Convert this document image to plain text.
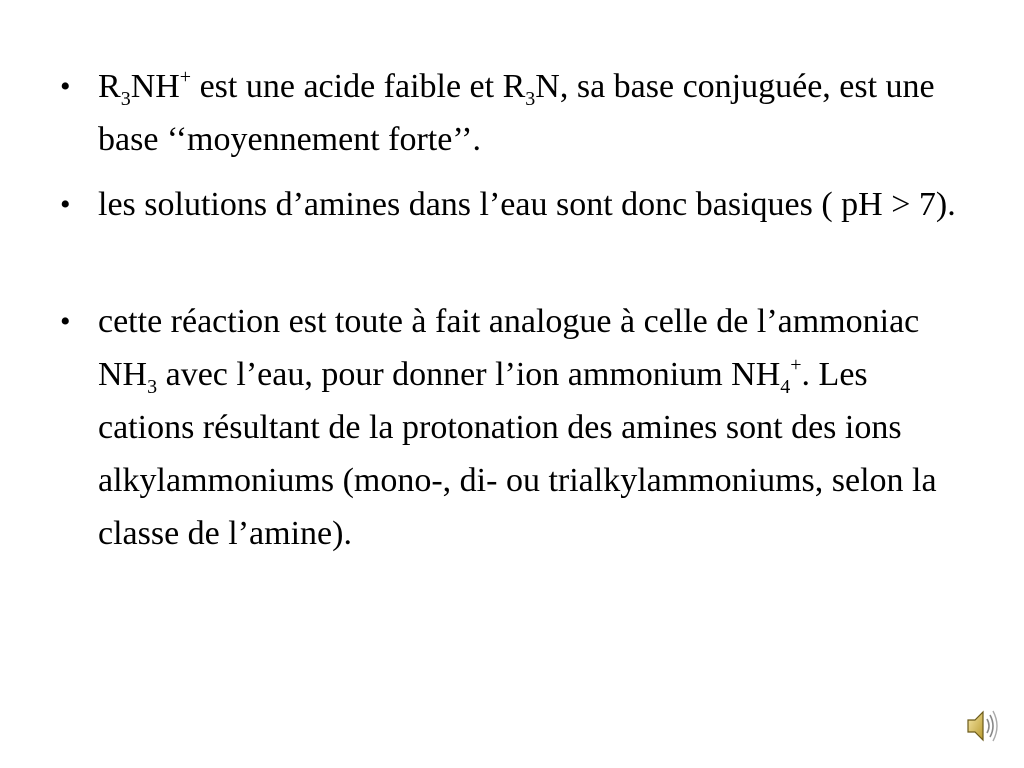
• $R_3NH^+$ est une acide faible et $R_3N$, sa base conjuguée, est une base ‘‘moyennement forte’’.
• les solutions d’amines dans l’eau sont donc basiques ( pH > 7).
• cette réaction est toute à fait analogue à celle de l’ammoniac $NH_3$ avec l’eau, pour donner l’ion ammonium $NH_4^+$. Les cations résultant de la protonation des amines sont des ions alkylammoniums (mono-, di- ou trialkylammoniums, selon la classe de l’amine).
